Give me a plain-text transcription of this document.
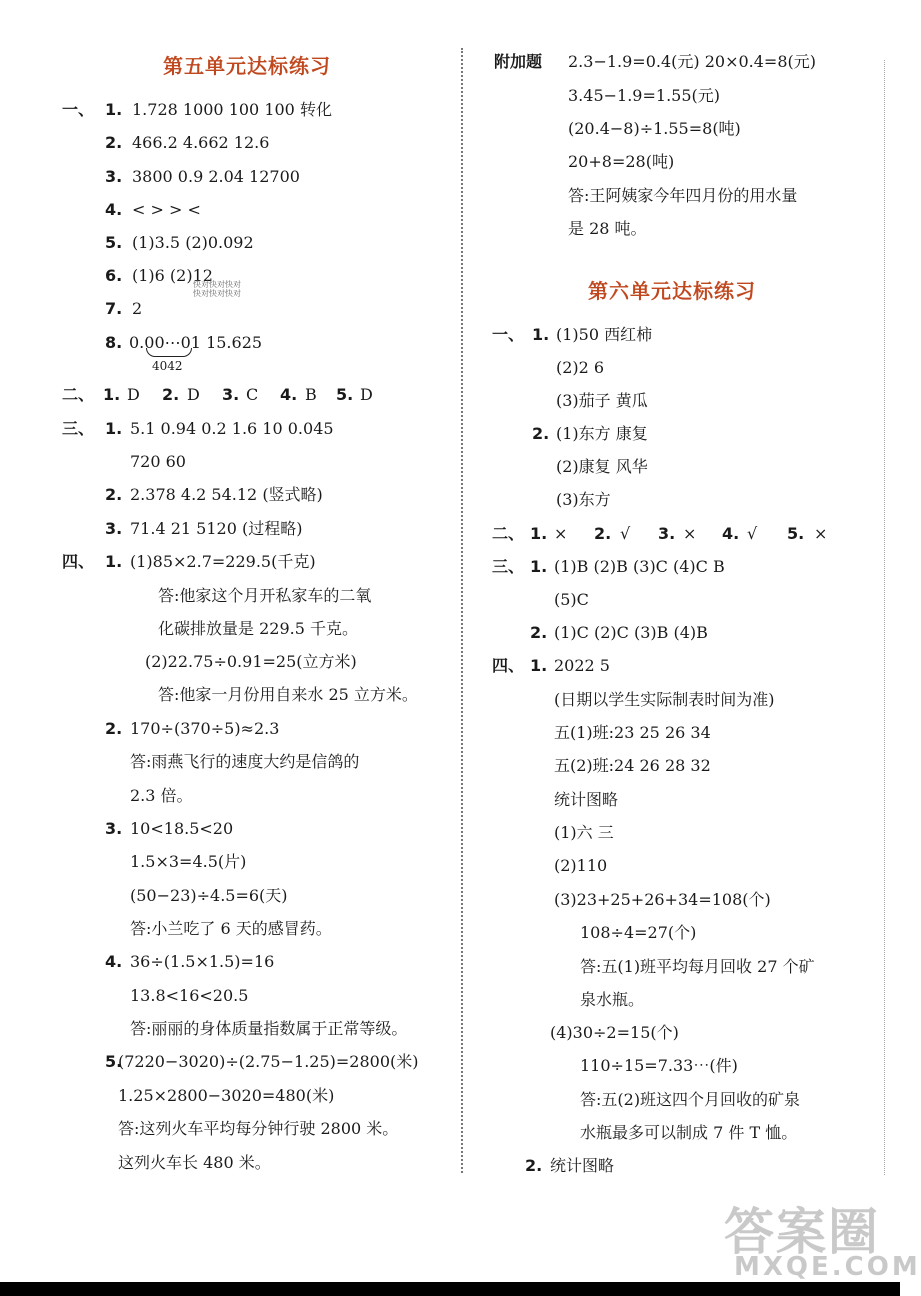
第五单元达标练习
一、 1. 1.728 1000 100 100 转化
2. 466.2 4.662 12.6
3. 3800 0.9 2.04 12700
4. < > > <
5. (1)3.5 (2)0.092
6. (1)6 (2)12
快对快对快对
快对快对快对
7. 2
8. 0.00⋯01 15.625
4042
二、 1. D 2. D 3. C 4. B 5. D
三、 1. 5.1 0.94 0.2 1.6 10 0.045
720 60
2. 2.378 4.2 54.12 (竖式略)
3. 71.4 21 5120 (过程略)
四、 1. (1)85×2.7=229.5(千克)
答:他家这个月开私家车的二氧
化碳排放量是 229.5 千克。
(2)22.75÷0.91=25(立方米)
答:他家一月份用自来水 25 立方米。
2. 170÷(370÷5)≈2.3
答:雨燕飞行的速度大约是信鸽的
2.3 倍。
3. 10<18.5<20
1.5×3=4.5(片)
(50−23)÷4.5=6(天)
答:小兰吃了 6 天的感冒药。
4. 36÷(1.5×1.5)=16
13.8<16<20.5
答:丽丽的身体质量指数属于正常等级。
5.
(7220−3020)÷(2.75−1.25)=2800(米)
1.25×2800−3020=480(米)
答:这列火车平均每分钟行驶 2800 米。
这列火车长 480 米。
附加题 2.3−1.9=0.4(元) 20×0.4=8(元)
3.45−1.9=1.55(元)
(20.4−8)÷1.55=8(吨)
20+8=28(吨)
答:王阿姨家今年四月份的用水量
是 28 吨。
第六单元达标练习
一、 1. (1)50 西红柿
(2)2 6
(3)茄子 黄瓜
2. (1)东方 康复
(2)康复 风华
(3)东方
二、 1. × 2. √ 3. × 4. √ 5. ×
三、 1. (1)B (2)B (3)C (4)C B
(5)C
2. (1)C (2)C (3)B (4)B
四、 1. 2022 5
(日期以学生实际制表时间为准)
五(1)班:23 25 26 34
五(2)班:24 26 28 32
统计图略
(1)六 三
(2)110
(3)23+25+26+34=108(个)
108÷4=27(个)
答:五(1)班平均每月回收 27 个矿
泉水瓶。
(4)30÷2=15(个)
110÷15=7.33⋯(件)
答:五(2)班这四个月回收的矿泉
水瓶最多可以制成 7 件 T 恤。
2. 统计图略
答案圈
MXQE.COM
